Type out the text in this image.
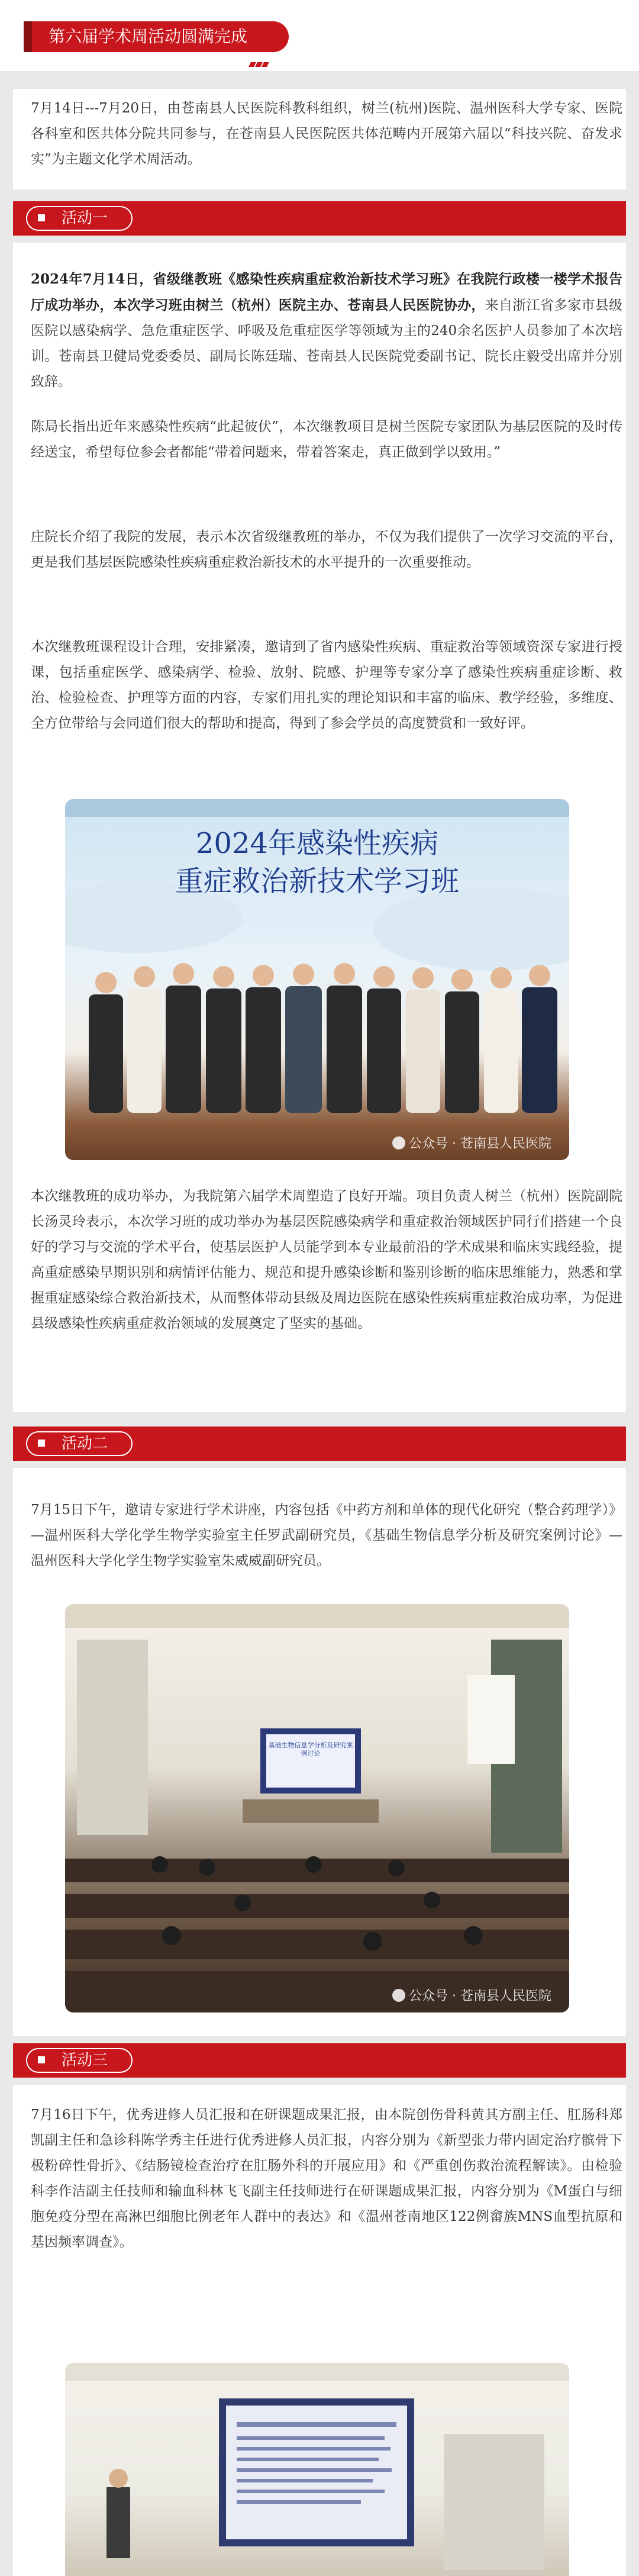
第六届学术周活动圆满完成

7月14日---7月20日，由苍南县人民医院科教科组织，树兰(杭州)医院、温州医科大学专家、医院各科室和医共体分院共同参与，在苍南县人民医院医共体范畴内开展第六届以“科技兴院、奋发求实”为主题文化学术周活动。

活动一

2024年7月14日，省级继教班《感染性疾病重症救治新技术学习班》在我院行政楼一楼学术报告厅成功举办，本次学习班由树兰（杭州）医院主办、苍南县人民医院协办，来自浙江省多家市县级医院以感染病学、急危重症医学、呼吸及危重症医学等领域为主的240余名医护人员参加了本次培训。苍南县卫健局党委委员、副局长陈廷瑞、苍南县人民医院党委副书记、院长庄毅受出席并分别致辞。

陈局长指出近年来感染性疾病“此起彼伏”，本次继教项目是树兰医院专家团队为基层医院的及时传经送宝，希望每位参会者都能“带着问题来，带着答案走，真正做到学以致用。”

庄院长介绍了我院的发展，表示本次省级继教班的举办，不仅为我们提供了一次学习交流的平台，更是我们基层医院感染性疾病重症救治新技术的水平提升的一次重要推动。

本次继教班课程设计合理，安排紧凑，邀请到了省内感染性疾病、重症救治等领域资深专家进行授课，包括重症医学、感染病学、检验、放射、院感、护理等专家分享了感染性疾病重症诊断、救治、检验检查、护理等方面的内容，专家们用扎实的理论知识和丰富的临床、教学经验，多维度、全方位带给与会同道们很大的帮助和提高，得到了参会学员的高度赞赏和一致好评。

2024年感染性疾病
重症救治新技术学习班
公众号 · 苍南县人民医院

本次继教班的成功举办，为我院第六届学术周塑造了良好开端。项目负责人树兰（杭州）医院副院长汤灵玲表示，本次学习班的成功举办为基层医院感染病学和重症救治领域医护同行们搭建一个良好的学习与交流的学术平台，使基层医护人员能学到本专业最前沿的学术成果和临床实践经验，提高重症感染早期识别和病情评估能力、规范和提升感染诊断和鉴别诊断的临床思维能力，熟悉和掌握重症感染综合救治新技术，从而整体带动县级及周边医院在感染性疾病重症救治成功率，为促进县级感染性疾病重症救治领域的发展奠定了坚实的基础。

活动二

7月15日下午，邀请专家进行学术讲座，内容包括《中药方剂和单体的现代化研究（整合药理学）》—温州医科大学化学生物学实验室主任罗武副研究员，《基础生物信息学分析及研究案例讨论》—温州医科大学化学生物学实验室朱威威副研究员。

基础生物信息学分析及研究案例讨论
公众号 · 苍南县人民医院
活动三

7月16日下午，优秀进修人员汇报和在研课题成果汇报，由本院创伤骨科黄其方副主任、肛肠科郑凯副主任和急诊科陈学秀主任进行优秀进修人员汇报，内容分别为《新型张力带内固定治疗髌骨下极粉碎性骨折》、《结肠镜检查治疗在肛肠外科的开展应用》和《严重创伤救治流程解读》。由检验科李作洁副主任技师和输血科林飞飞副主任技师进行在研课题成果汇报，内容分别为《M蛋白与细胞免疫分型在高淋巴细胞比例老年人群中的表达》和《温州苍南地区122例畲族MNS血型抗原和基因频率调查》。
